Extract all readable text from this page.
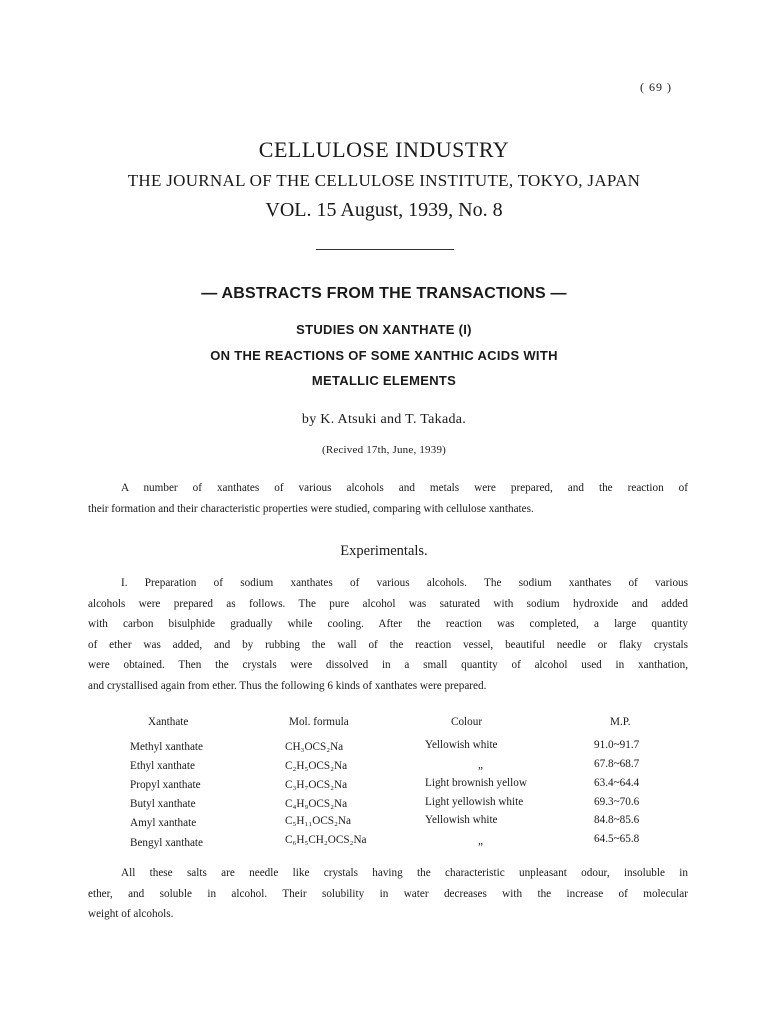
( 69 )
CELLULOSE INDUSTRY
THE JOURNAL OF THE CELLULOSE INSTITUTE, TOKYO, JAPAN
VOL. 15 August, 1939, No. 8
— ABSTRACTS FROM THE TRANSACTIONS —
STUDIES ON XANTHATE (I)
ON THE REACTIONS OF SOME XANTHIC ACIDS WITH
METALLIC ELEMENTS
by K. Atsuki and T. Takada.
(Recived 17th, June, 1939)
A number of xanthates of various alcohols and metals were prepared, and the reaction of
their formation and their characteristic properties were studied, comparing with cellulose xanthates.
Experimentals.
I. Preparation of sodium xanthates of various alcohols. The sodium xanthates of various
alcohols were prepared as follows. The pure alcohol was saturated with sodium hydroxide and added
with carbon bisulphide gradually while cooling. After the reaction was completed, a large quantity
of ether was added, and by rubbing the wall of the reaction vessel, beautiful needle or flaky crystals
were obtained. Then the crystals were dissolved in a small quantity of alcohol used in xanthation,
and crystallised again from ether. Thus the following 6 kinds of xanthates were prepared.
Xanthate	Mol. formula	Colour	M.P.
Methyl xanthate	CH₃OCS₂Na	Yellowish white	91.0~91.7
Ethyl xanthate	C₂H₅OCS₂Na	„	67.8~68.7
Propyl xanthate	C₃H₇OCS₂Na	Light brownish yellow	63.4~64.4
Butyl xanthate	C₄H₉OCS₂Na	Light yellowish white	69.3~70.6
Amyl xanthate	C₅H₁₁OCS₂Na	Yellowish white	84.8~85.6
Bengyl xanthate	C₆H₅CH₂OCS₂Na	„	64.5~65.8
All these salts are needle like crystals having the characteristic unpleasant odour, insoluble in
ether, and soluble in alcohol. Their solubility in water decreases with the increase of molecular
weight of alcohols.
